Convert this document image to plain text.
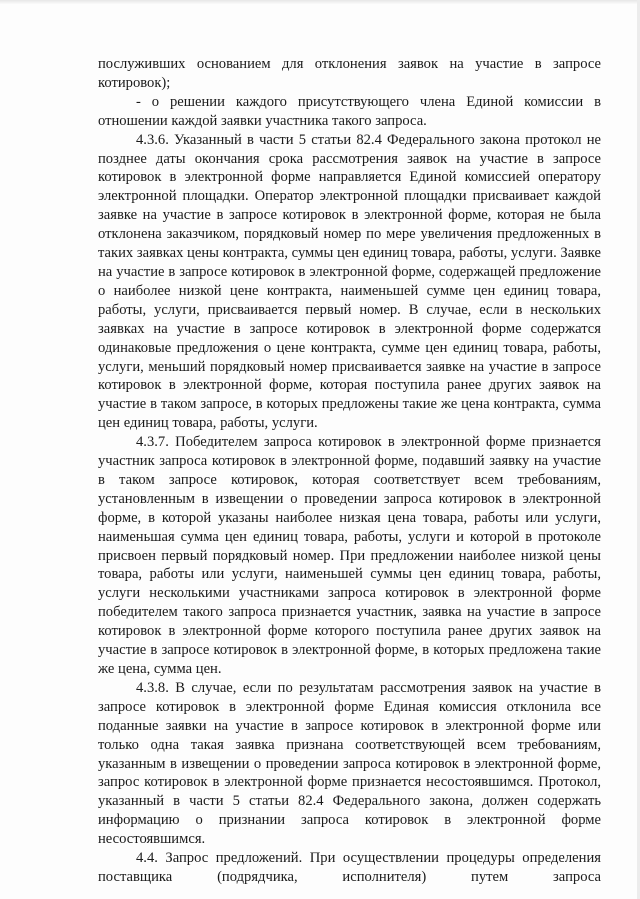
послуживших основанием для отклонения заявок на участие в запросе котировок);

- о решении каждого присутствующего члена Единой комиссии в отношении каждой заявки участника такого запроса.

4.3.6. Указанный в части 5 статьи 82.4 Федерального закона протокол не позднее даты окончания срока рассмотрения заявок на участие в запросе котировок в электронной форме направляется Единой комиссией оператору электронной площадки. Оператор электронной площадки присваивает каждой заявке на участие в запросе котировок в электронной форме, которая не была отклонена заказчиком, порядковый номер по мере увеличения предложенных в таких заявках цены контракта, суммы цен единиц товара, работы, услуги. Заявке на участие в запросе котировок в электронной форме, содержащей предложение о наиболее низкой цене контракта, наименьшей сумме цен единиц товара, работы, услуги, присваивается первый номер. В случае, если в нескольких заявках на участие в запросе котировок в электронной форме содержатся одинаковые предложения о цене контракта, сумме цен единиц товара, работы, услуги, меньший порядковый номер присваивается заявке на участие в запросе котировок в электронной форме, которая поступила ранее других заявок на участие в таком запросе, в которых предложены такие же цена контракта, сумма цен единиц товара, работы, услуги.

4.3.7. Победителем запроса котировок в электронной форме признается участник запроса котировок в электронной форме, подавший заявку на участие в таком запросе котировок, которая соответствует всем требованиям, установленным в извещении о проведении запроса котировок в электронной форме, в которой указаны наиболее низкая цена товара, работы или услуги, наименьшая сумма цен единиц товара, работы, услуги и которой в протоколе присвоен первый порядковый номер. При предложении наиболее низкой цены товара, работы или услуги, наименьшей суммы цен единиц товара, работы, услуги несколькими участниками запроса котировок в электронной форме победителем такого запроса признается участник, заявка на участие в запросе котировок в электронной форме которого поступила ранее других заявок на участие в запросе котировок в электронной форме, в которых предложена такие же цена, сумма цен.

4.3.8. В случае, если по результатам рассмотрения заявок на участие в запросе котировок в электронной форме Единая комиссия отклонила все поданные заявки на участие в запросе котировок в электронной форме или только одна такая заявка признана соответствующей всем требованиям, указанным в извещении о проведении запроса котировок в электронной форме, запрос котировок в электронной форме признается несостоявшимся. Протокол, указанный в части 5 статьи 82.4 Федерального закона, должен содержать информацию о признании запроса котировок в электронной форме несостоявшимся.

4.4. Запрос предложений. При осуществлении процедуры определения поставщика (подрядчика, исполнителя) путем запроса
